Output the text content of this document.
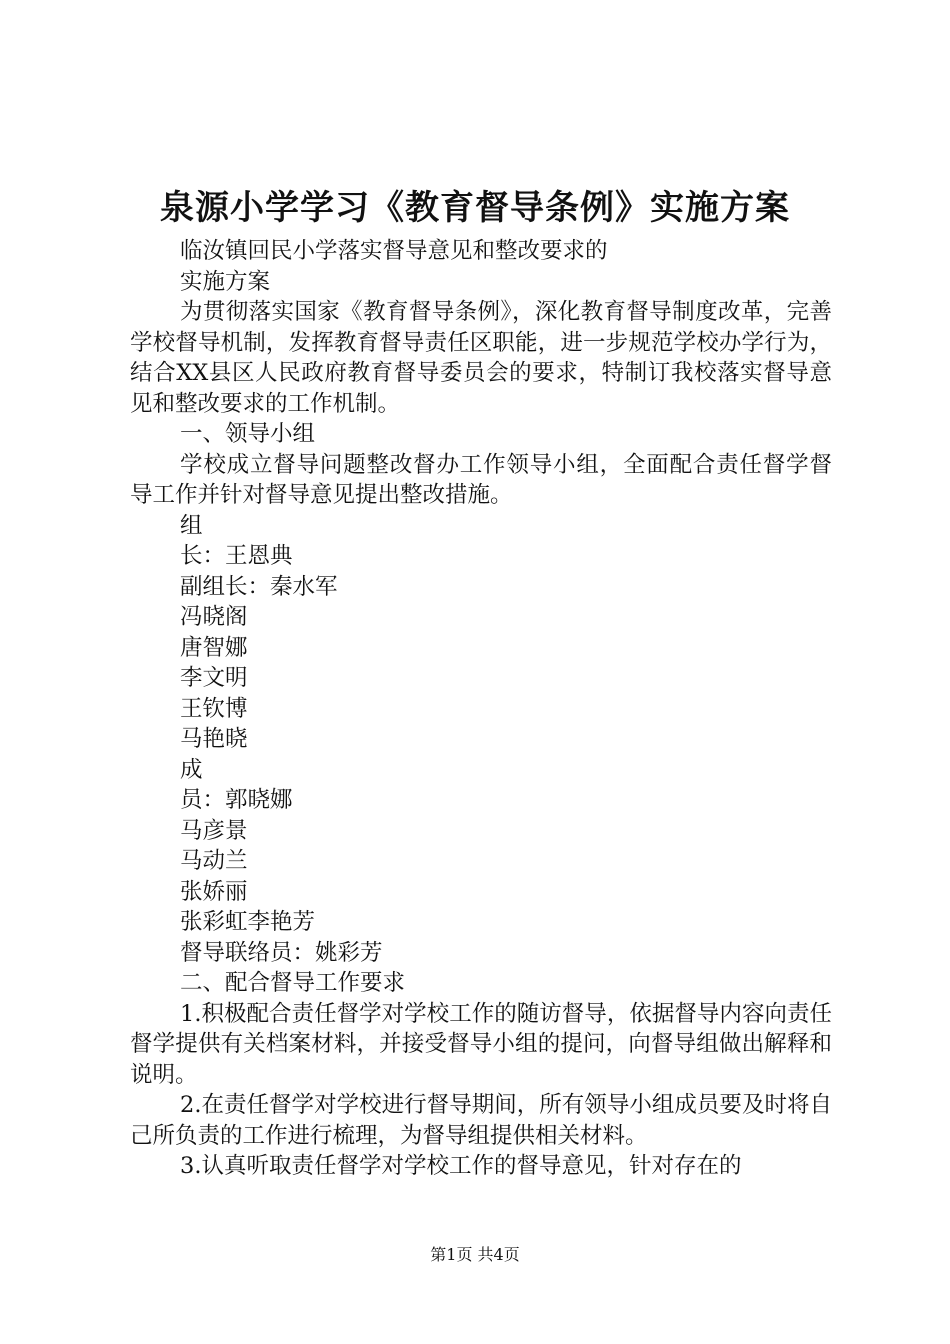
泉源小学学习《教育督导条例》实施方案

临汝镇回民小学落实督导意见和整改要求的

实施方案

为贯彻落实国家《教育督导条例》，深化教育督导制度改革，完善学校督导机制，发挥教育督导责任区职能，进一步规范学校办学行为，结合XX县区人民政府教育督导委员会的要求，特制订我校落实督导意见和整改要求的工作机制。

一、领导小组

学校成立督导问题整改督办工作领导小组，全面配合责任督学督导工作并针对督导意见提出整改措施。

组

长：王恩典

副组长：秦水军

冯晓阁

唐智娜

李文明

王钦博

马艳晓

成

员：郭晓娜

马彦景

马动兰

张娇丽

张彩虹李艳芳

督导联络员：姚彩芳

二、配合督导工作要求

1.积极配合责任督学对学校工作的随访督导，依据督导内容向责任督学提供有关档案材料，并接受督导小组的提问，向督导组做出解释和说明。

2.在责任督学对学校进行督导期间，所有领导小组成员要及时将自己所负责的工作进行梳理，为督导组提供相关材料。

3.认真听取责任督学对学校工作的督导意见，针对存在的

第1页 共4页
